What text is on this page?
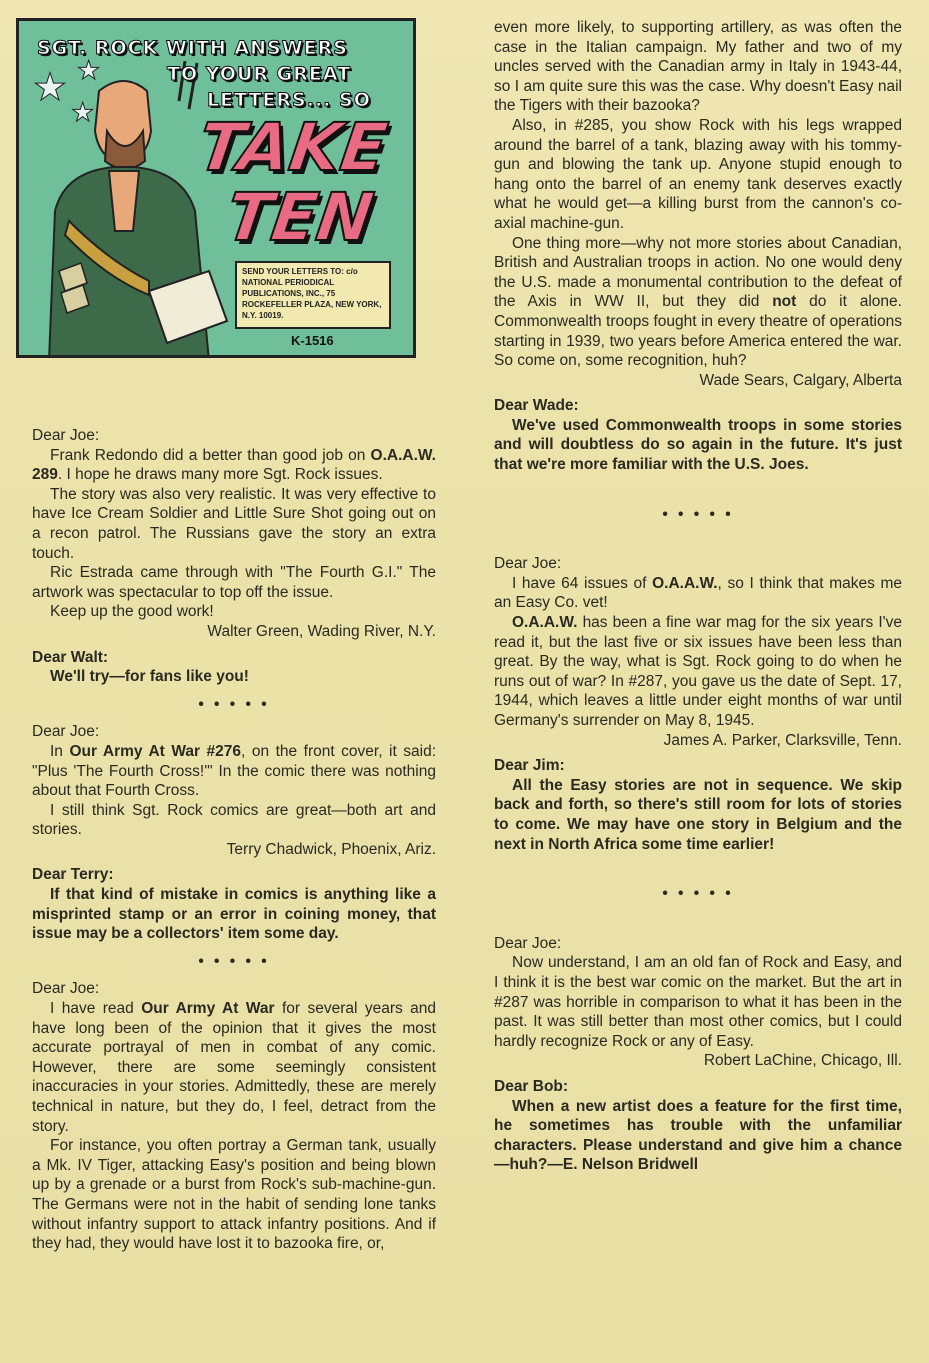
★ ★
★
SGT. ROCK WITH ANSWERS
TO YOUR GREAT
LETTERS... SO
TAKE
TEN
SEND YOUR LETTERS TO: c/o NATIONAL PERIODICAL PUBLICATIONS, INC., 75 ROCKEFELLER PLAZA, NEW YORK, N.Y. 10019.
K-1516

Dear Joe:

Frank Redondo did a better than good job on O.A.A.W. 289. I hope he draws many more Sgt. Rock issues.

The story was also very realistic. It was very effective to have Ice Cream Soldier and Little Sure Shot going out on a recon patrol. The Russians gave the story an extra touch.

Ric Estrada came through with "The Fourth G.I." The artwork was spectacular to top off the issue.

Keep up the good work!

Walter Green, Wading River, N.Y.

Dear Walt:

We'll try—for fans like you!

• • • • •

Dear Joe:

In Our Army At War #276, on the front cover, it said: "Plus 'The Fourth Cross!'" In the comic there was nothing about that Fourth Cross.

I still think Sgt. Rock comics are great—both art and stories.

Terry Chadwick, Phoenix, Ariz.

Dear Terry:

If that kind of mistake in comics is anything like a misprinted stamp or an error in coining money, that issue may be a collectors' item some day.

• • • • •

Dear Joe:

I have read Our Army At War for several years and have long been of the opinion that it gives the most accurate portrayal of men in combat of any comic. However, there are some seemingly consistent inaccuracies in your stories. Admittedly, these are merely technical in nature, but they do, I feel, detract from the story.

For instance, you often portray a German tank, usually a Mk. IV Tiger, attacking Easy's position and being blown up by a grenade or a burst from Rock's sub-machine-gun. The Germans were not in the habit of sending lone tanks without infantry support to attack infantry positions. And if they had, they would have lost it to bazooka fire, or,

even more likely, to supporting artillery, as was often the case in the Italian campaign. My father and two of my uncles served with the Canadian army in Italy in 1943-44, so I am quite sure this was the case. Why doesn't Easy nail the Tigers with their bazooka?

Also, in #285, you show Rock with his legs wrapped around the barrel of a tank, blazing away with his tommy-gun and blowing the tank up. Anyone stupid enough to hang onto the barrel of an enemy tank deserves exactly what he would get—a killing burst from the cannon's co-axial machine-gun.

One thing more—why not more stories about Canadian, British and Australian troops in action. No one would deny the U.S. made a monumental contribution to the defeat of the Axis in WW II, but they did not do it alone. Commonwealth troops fought in every theatre of operations starting in 1939, two years before America entered the war. So come on, some recognition, huh?

Wade Sears, Calgary, Alberta

Dear Wade:

We've used Commonwealth troops in some stories and will doubtless do so again in the future. It's just that we're more familiar with the U.S. Joes.

• • • • •

Dear Joe:

I have 64 issues of O.A.A.W., so I think that makes me an Easy Co. vet!

O.A.A.W. has been a fine war mag for the six years I've read it, but the last five or six issues have been less than great. By the way, what is Sgt. Rock going to do when he runs out of war? In #287, you gave us the date of Sept. 17, 1944, which leaves a little under eight months of war until Germany's surrender on May 8, 1945.

James A. Parker, Clarksville, Tenn.

Dear Jim:

All the Easy stories are not in sequence. We skip back and forth, so there's still room for lots of stories to come. We may have one story in Belgium and the next in North Africa some time earlier!

• • • • •

Dear Joe:

Now understand, I am an old fan of Rock and Easy, and I think it is the best war comic on the market. But the art in #287 was horrible in comparison to what it has been in the past. It was still better than most other comics, but I could hardly recognize Rock or any of Easy.

Robert LaChine, Chicago, Ill.

Dear Bob:

When a new artist does a feature for the first time, he sometimes has trouble with the unfamiliar characters. Please understand and give him a chance—huh?—E. Nelson Bridwell
